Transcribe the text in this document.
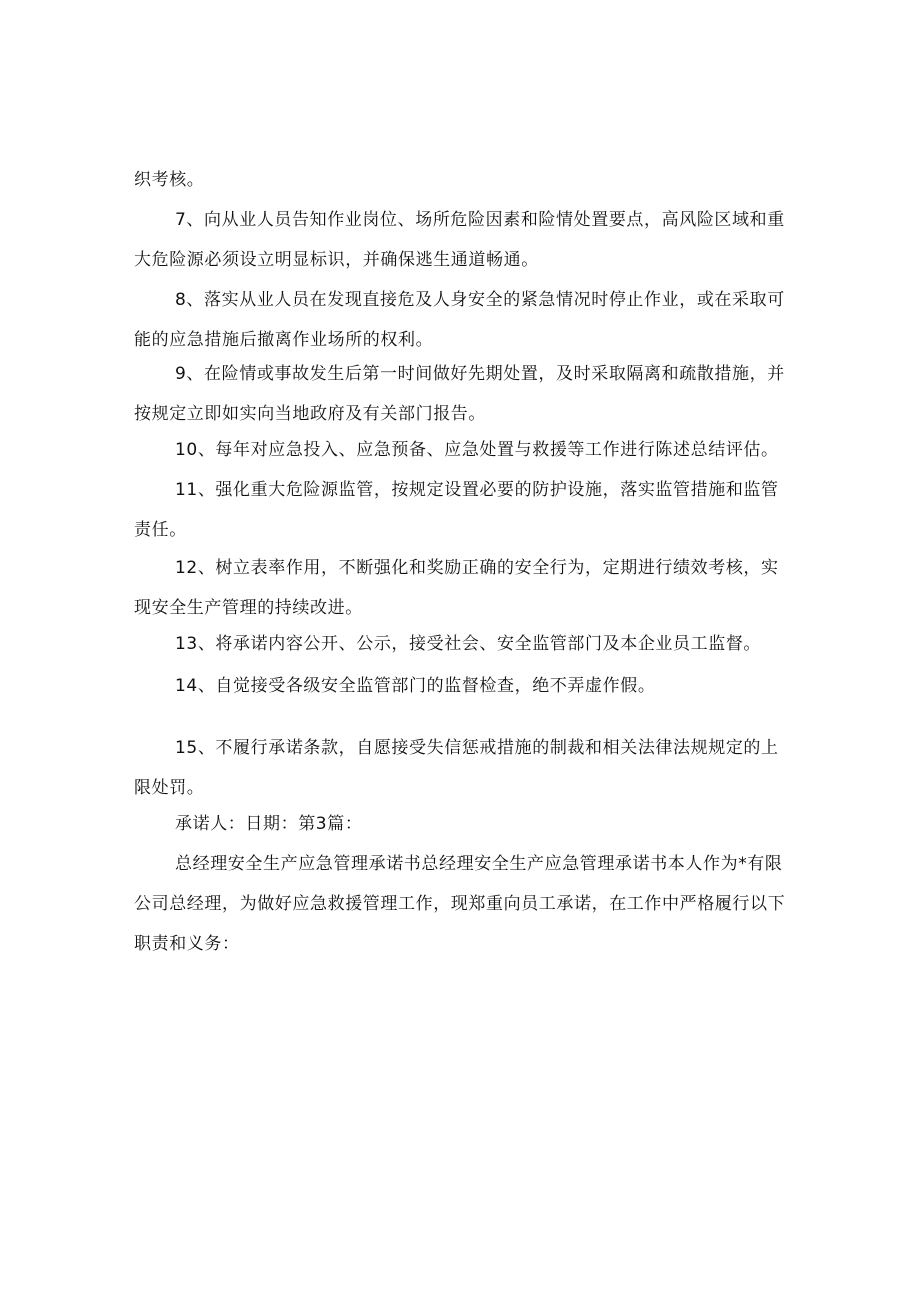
织考核。

7、向从业人员告知作业岗位、场所危险因素和险情处置要点，高风险区域和重大危险源必须设立明显标识，并确保逃生通道畅通。

8、落实从业人员在发现直接危及人身安全的紧急情况时停止作业，或在采取可能的应急措施后撤离作业场所的权利。

9、在险情或事故发生后第一时间做好先期处置，及时采取隔离和疏散措施，并按规定立即如实向当地政府及有关部门报告。

10、每年对应急投入、应急预备、应急处置与救援等工作进行陈述总结评估。

11、强化重大危险源监管，按规定设置必要的防护设施，落实监管措施和监管责任。

12、树立表率作用，不断强化和奖励正确的安全行为，定期进行绩效考核，实现安全生产管理的持续改进。

13、将承诺内容公开、公示，接受社会、安全监管部门及本企业员工监督。

14、自觉接受各级安全监管部门的监督检查，绝不弄虚作假。

15、不履行承诺条款，自愿接受失信惩戒措施的制裁和相关法律法规规定的上限处罚。

承诺人：日期：第3篇：

总经理安全生产应急管理承诺书总经理安全生产应急管理承诺书本人作为*有限公司总经理，为做好应急救援管理工作，现郑重向员工承诺，在工作中严格履行以下职责和义务：
